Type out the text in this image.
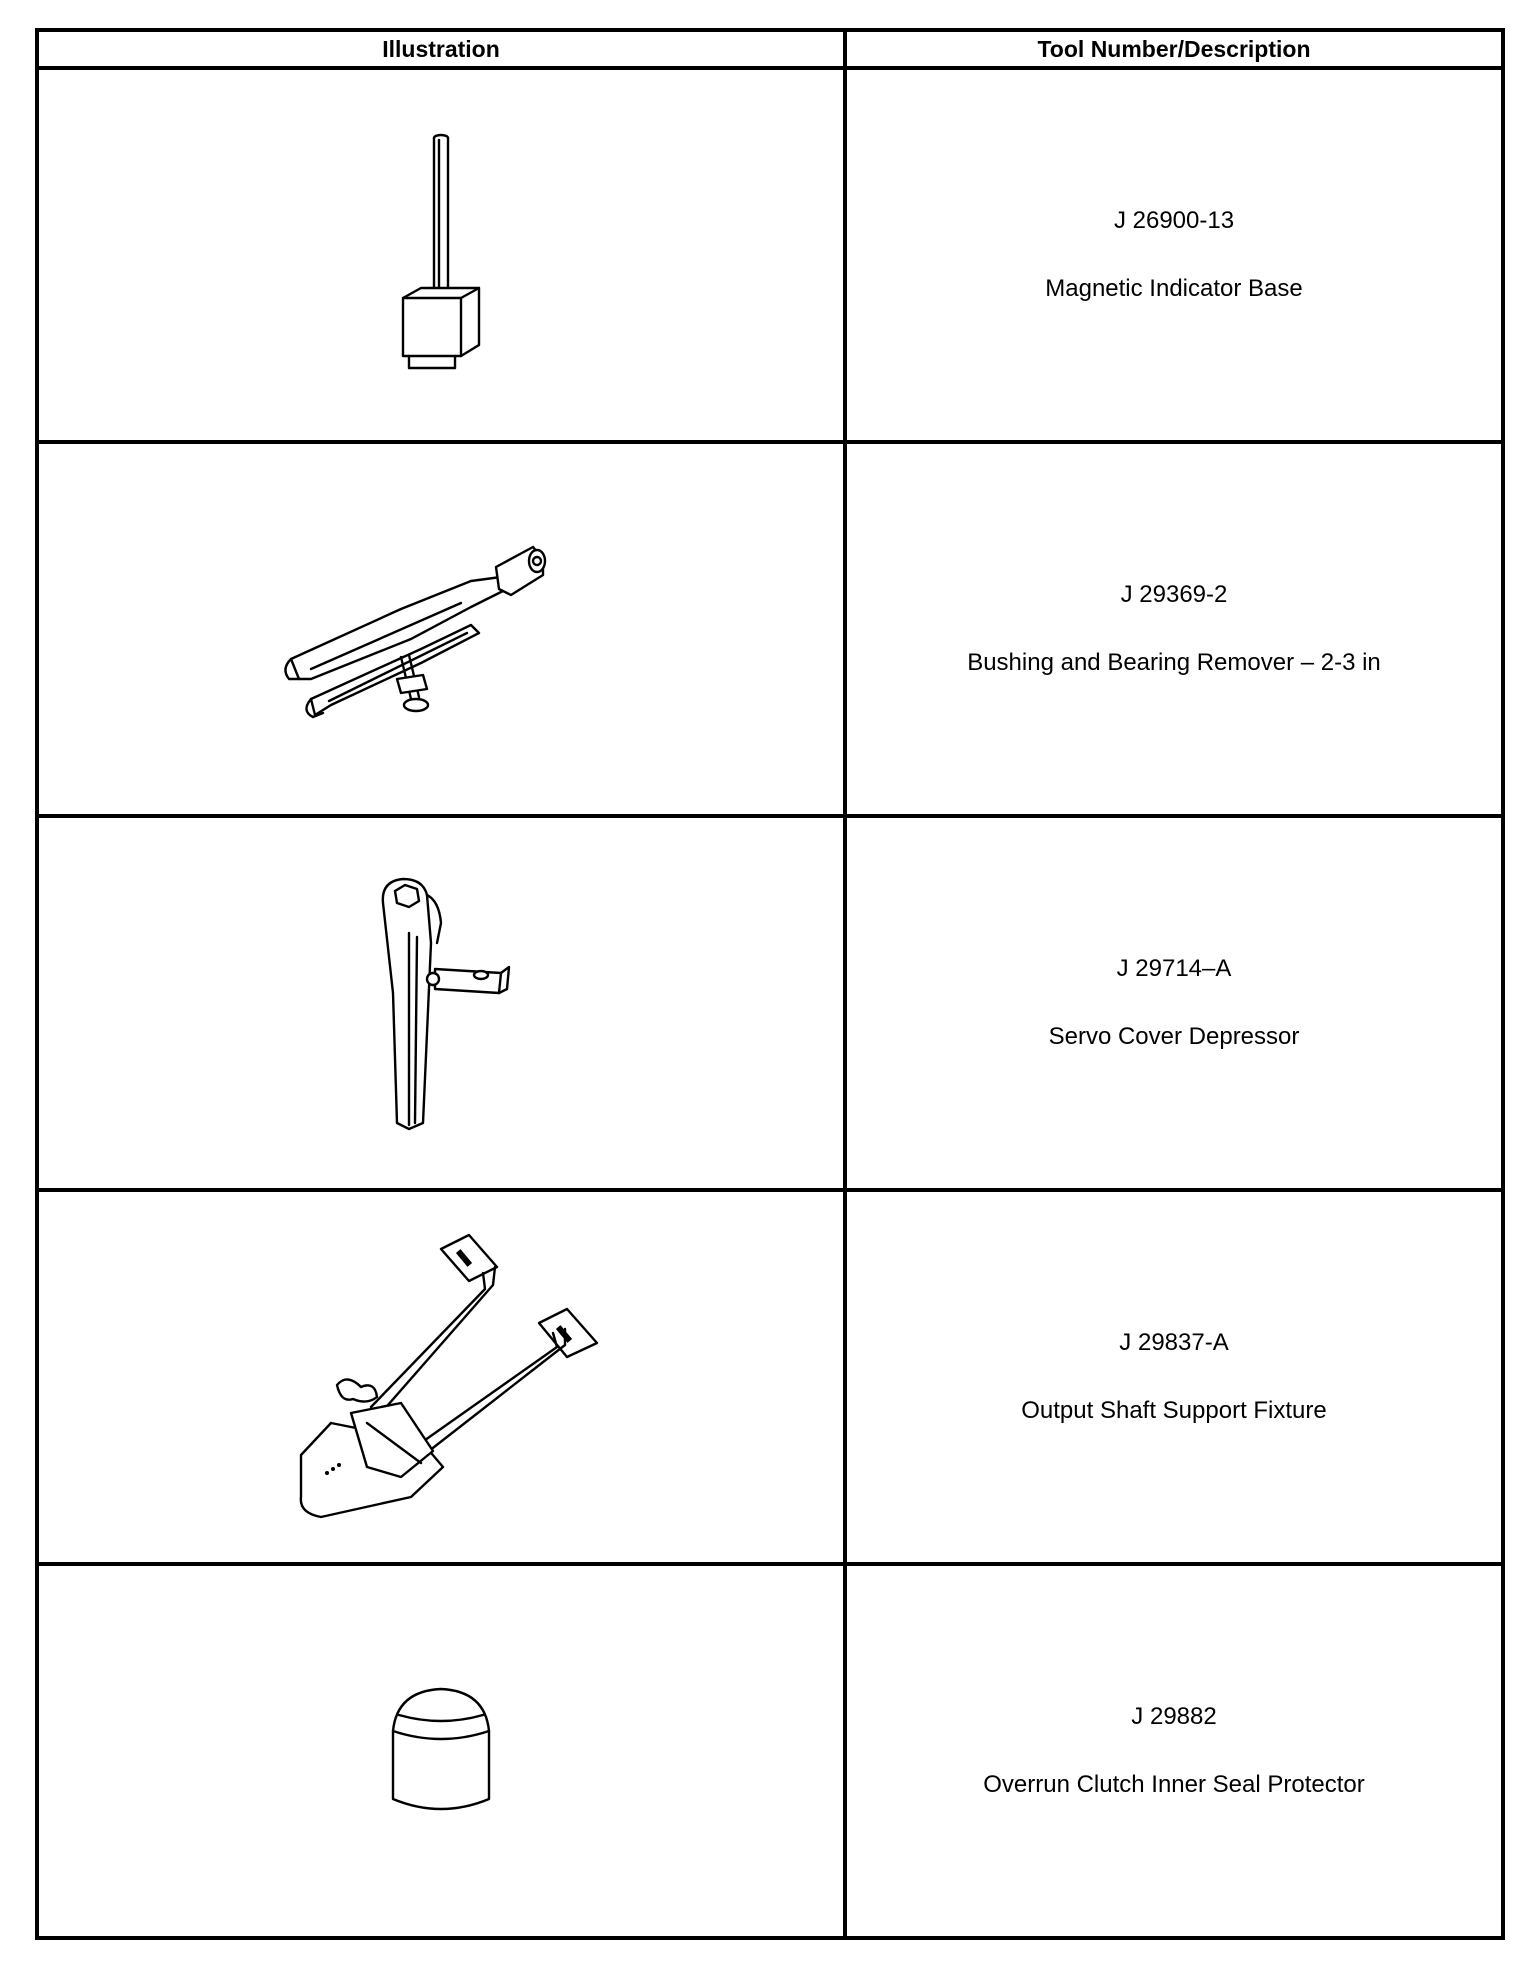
Illustration	Tool Number/Description

J 26900-13
Magnetic Indicator Base

J 29369-2
Bushing and Bearing Remover – 2-3 in

J 29714–A
Servo Cover Depressor

J 29837-A
Output Shaft Support Fixture

J 29882
Overrun Clutch Inner Seal Protector
